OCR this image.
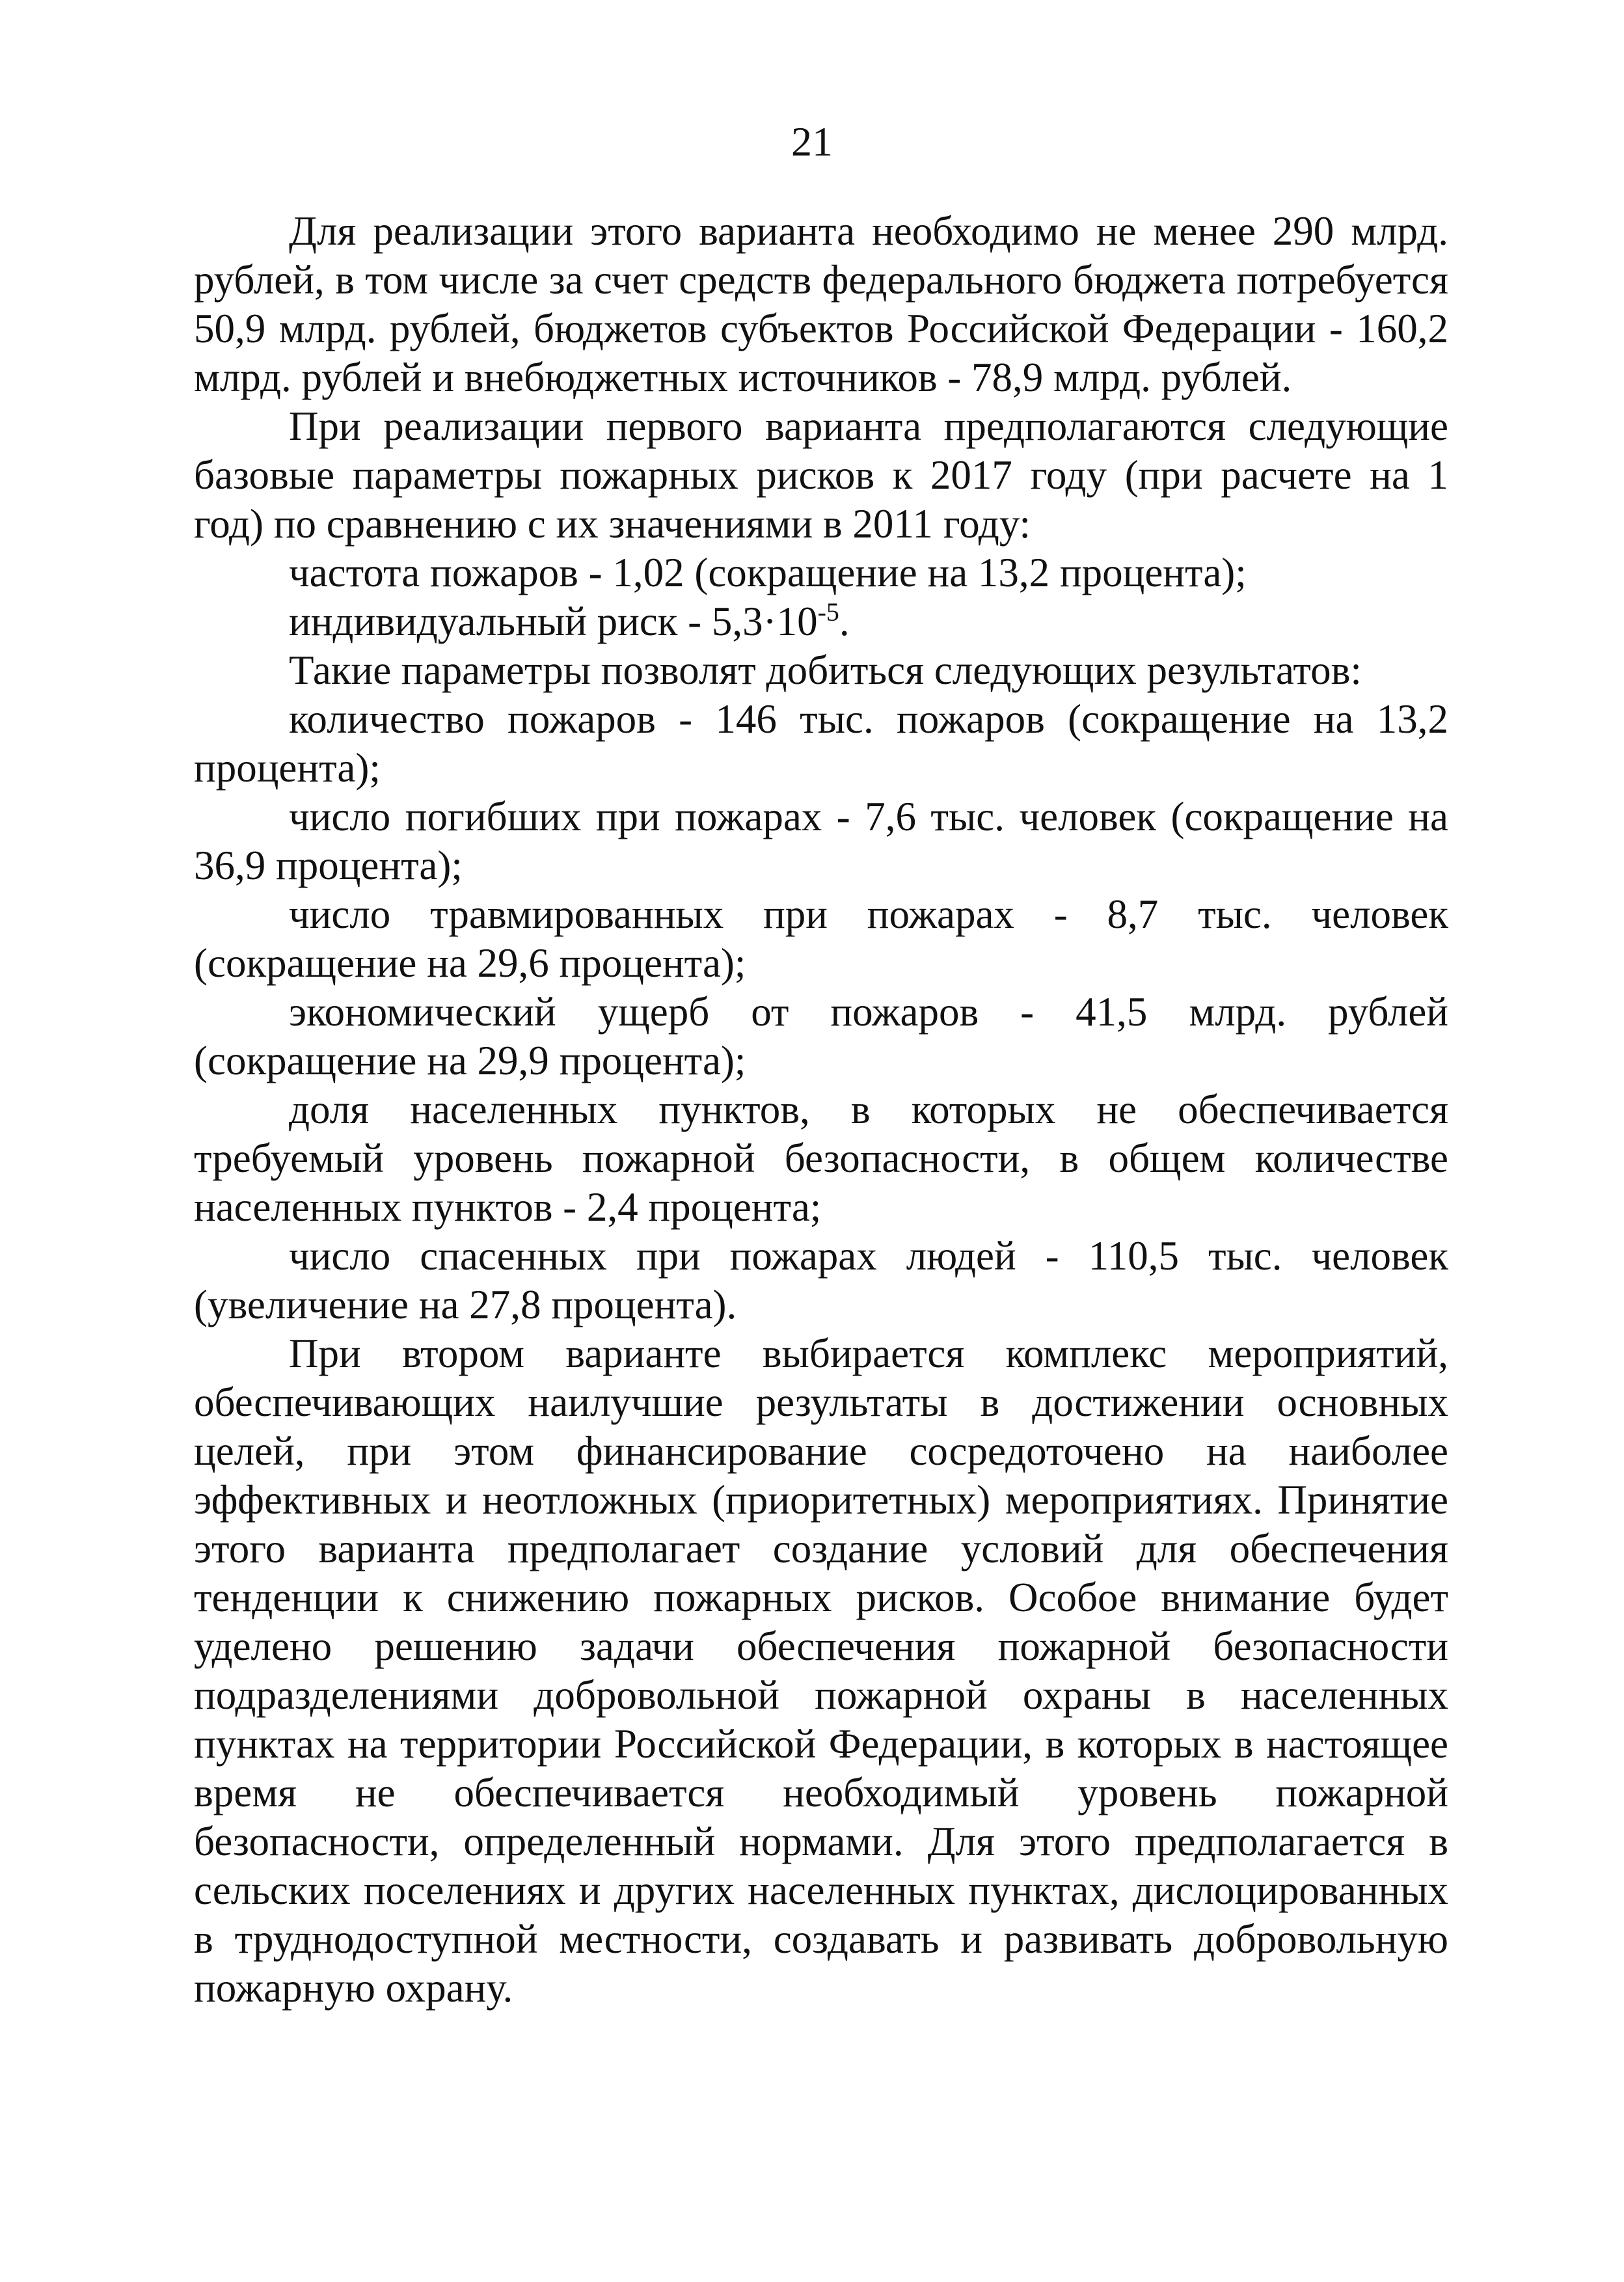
21

Для реализации этого варианта необходимо не менее 290 млрд. рублей, в том числе за счет средств федерального бюджета потребуется 50,9 млрд. рублей, бюджетов субъектов Российской Федерации - 160,2 млрд. рублей и внебюджетных источников - 78,9 млрд. рублей.

При реализации первого варианта предполагаются следующие базовые параметры пожарных рисков к 2017 году (при расчете на 1 год) по сравнению с их значениями в 2011 году:

частота пожаров - 1,02 (сокращение на 13,2 процента);

индивидуальный риск - $5,3\cdot 10^{-5}$.

Такие параметры позволят добиться следующих результатов:

количество пожаров - 146 тыс. пожаров (сокращение на 13,2 процента);

число погибших при пожарах - 7,6 тыс. человек (сокращение на 36,9 процента);

число травмированных при пожарах - 8,7 тыс. человек (сокращение на 29,6 процента);

экономический ущерб от пожаров - 41,5 млрд. рублей (сокращение на 29,9 процента);

доля населенных пунктов, в которых не обеспечивается требуемый уровень пожарной безопасности, в общем количестве населенных пунктов - 2,4 процента;

число спасенных при пожарах людей - 110,5 тыс. человек (увеличение на 27,8 процента).

При втором варианте выбирается комплекс мероприятий, обеспечивающих наилучшие результаты в достижении основных целей, при этом финансирование сосредоточено на наиболее эффективных и неотложных (приоритетных) мероприятиях. Принятие этого варианта предполагает создание условий для обеспечения тенденции к снижению пожарных рисков. Особое внимание будет уделено решению задачи обеспечения пожарной безопасности подразделениями добровольной пожарной охраны в населенных пунктах на территории Российской Федерации, в которых в настоящее время не обеспечивается необходимый уровень пожарной безопасности, определенный нормами. Для этого предполагается в сельских поселениях и других населенных пунктах, дислоцированных в труднодоступной местности, создавать и развивать добровольную пожарную охрану.
